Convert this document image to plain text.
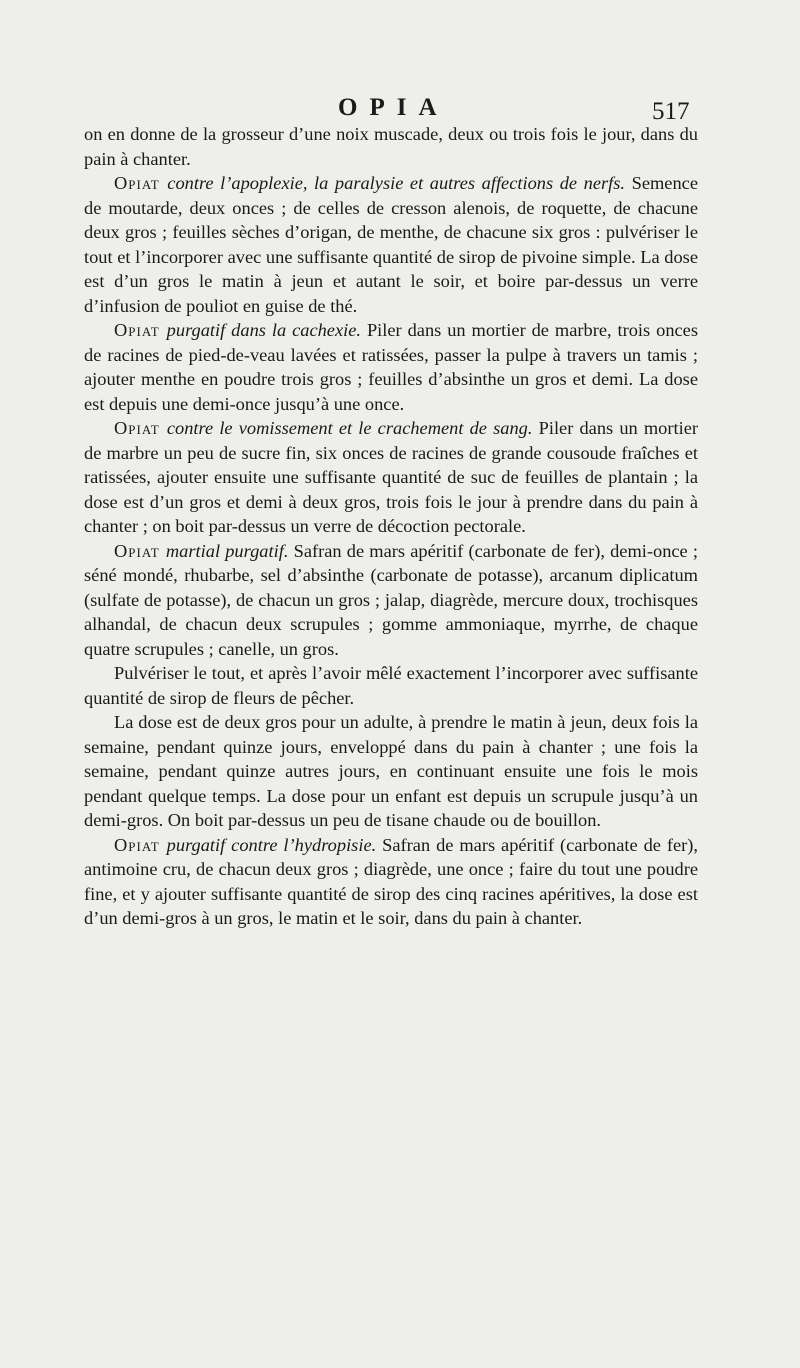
OPIA	517

on en donne de la grosseur d’une noix muscade, deux ou trois fois le jour, dans du pain à chanter.

Opiat contre l’apoplexie, la paralysie et autres affections de nerfs. Semence de moutarde, deux onces ; de celles de cresson alenois, de roquette, de chacune deux gros ; feuilles sèches d’origan, de menthe, de chacune six gros : pulvériser le tout et l’incorporer avec une suffisante quantité de sirop de pivoine simple. La dose est d’un gros le matin à jeun et autant le soir, et boire par-dessus un verre d’infusion de pouliot en guise de thé.

Opiat purgatif dans la cachexie. Piler dans un mortier de marbre, trois onces de racines de pied-de-veau lavées et ratissées, passer la pulpe à travers un tamis ; ajouter menthe en poudre trois gros ; feuilles d’absinthe un gros et demi. La dose est depuis une demi-once jusqu’à une once.

Opiat contre le vomissement et le crachement de sang. Piler dans un mortier de marbre un peu de sucre fin, six onces de racines de grande cousoude fraîches et ratissées, ajouter ensuite une suffisante quantité de suc de feuilles de plantain ; la dose est d’un gros et demi à deux gros, trois fois le jour à prendre dans du pain à chanter ; on boit par-dessus un verre de décoction pectorale.

Opiat martial purgatif. Safran de mars apéritif (carbonate de fer), demi-once ; séné mondé, rhubarbe, sel d’absinthe (carbonate de potasse), arcanum diplicatum (sulfate de potasse), de chacun un gros ; jalap, diagrède, mercure doux, trochisques alhandal, de chacun deux scrupules ; gomme ammoniaque, myrrhe, de chaque quatre scrupules ; canelle, un gros.

Pulvériser le tout, et après l’avoir mêlé exactement l’incorporer avec suffisante quantité de sirop de fleurs de pêcher.

La dose est de deux gros pour un adulte, à prendre le matin à jeun, deux fois la semaine, pendant quinze jours, enveloppé dans du pain à chanter ; une fois la semaine, pendant quinze autres jours, en continuant ensuite une fois le mois pendant quelque temps. La dose pour un enfant est depuis un scrupule jusqu’à un demi-gros. On boit par-dessus un peu de tisane chaude ou de bouillon.

Opiat purgatif contre l’hydropisie. Safran de mars apéritif (carbonate de fer), antimoine cru, de chacun deux gros ; diagrède, une once ; faire du tout une poudre fine, et y ajouter suffisante quantité de sirop des cinq racines apéritives, la dose est d’un demi-gros à un gros, le matin et le soir, dans du pain à chanter.
